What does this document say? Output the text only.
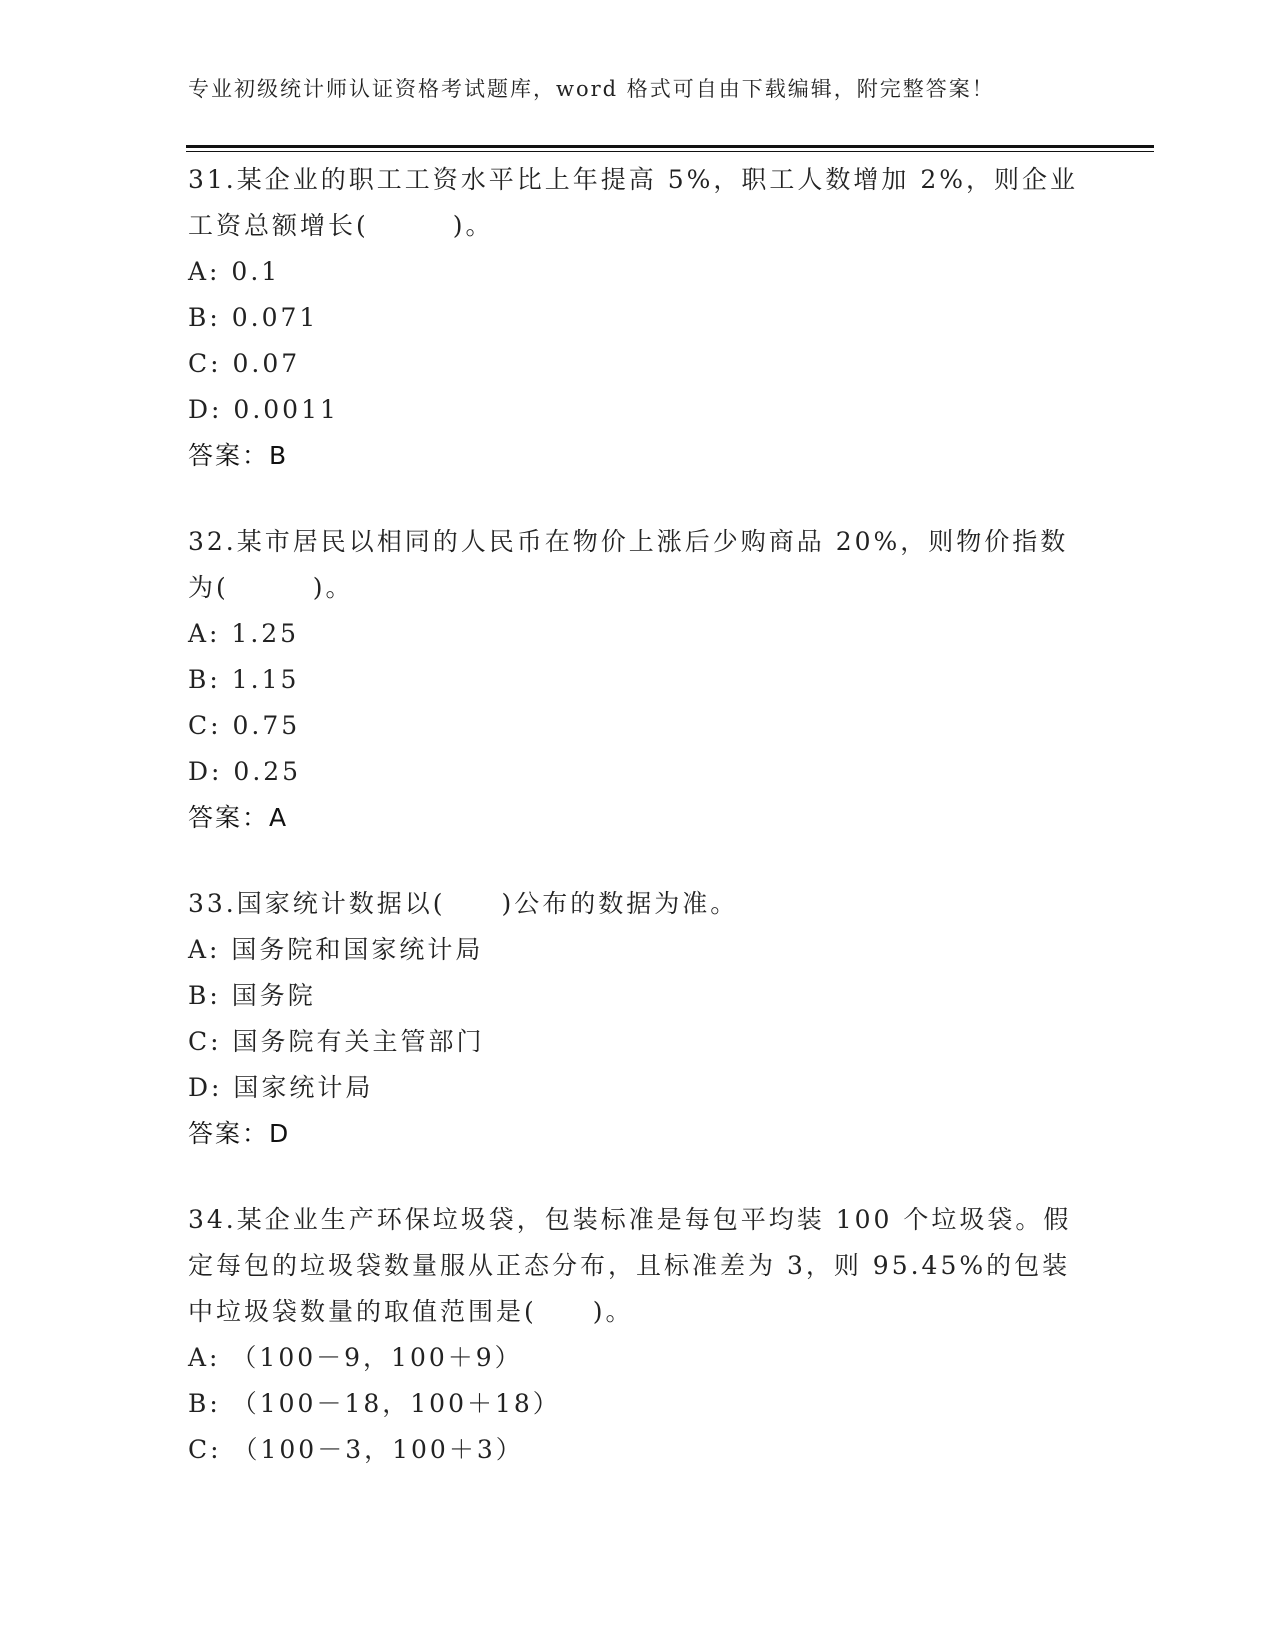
专业初级统计师认证资格考试题库，word 格式可自由下载编辑，附完整答案！
31.某企业的职工工资水平比上年提高 5%，职工人数增加 2%，则企业
工资总额增长(　　　)。
A: 0.1
B: 0.071
C: 0.07
D: 0.0011
答案：B
32.某市居民以相同的人民币在物价上涨后少购商品 20%，则物价指数
为(　　　)。
A: 1.25
B: 1.15
C: 0.75
D: 0.25
答案：A
33.国家统计数据以(　　)公布的数据为准。
A: 国务院和国家统计局
B: 国务院
C: 国务院有关主管部门
D: 国家统计局
答案：D
34.某企业生产环保垃圾袋，包装标准是每包平均装 100 个垃圾袋。假
定每包的垃圾袋数量服从正态分布，且标准差为 3，则 95.45%的包装
中垃圾袋数量的取值范围是(　　)。
A: （100－9，100＋9）
B: （100－18，100＋18）
C: （100－3，100＋3）
